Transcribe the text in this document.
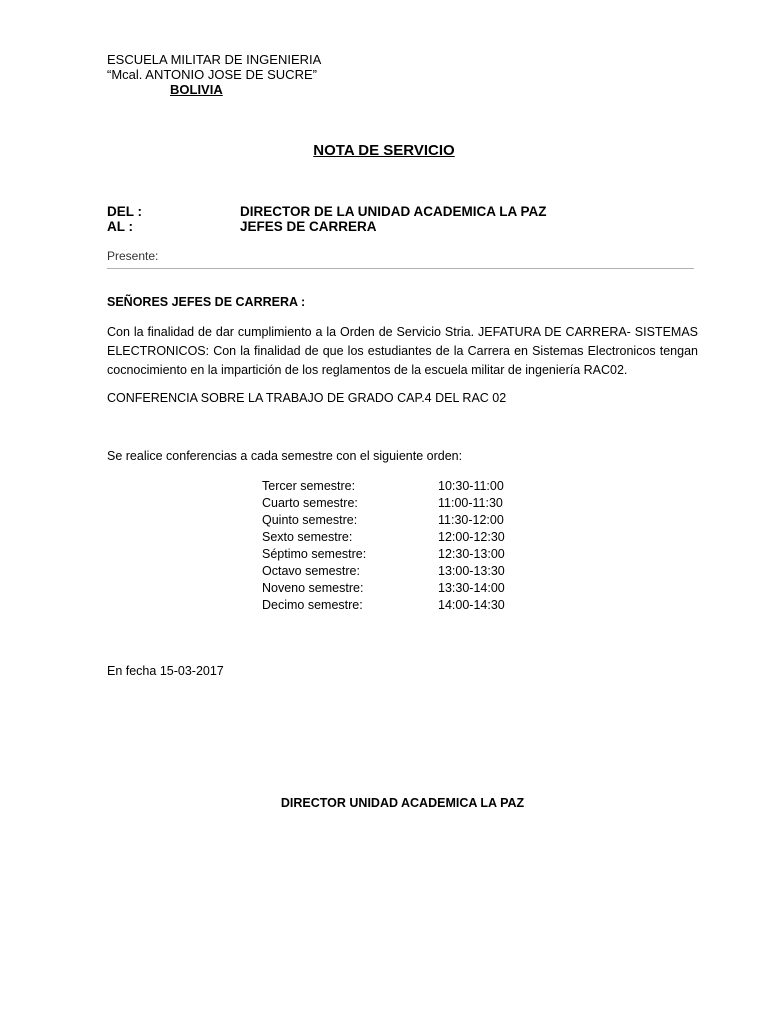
ESCUELA MILITAR DE INGENIERIA
“Mcal. ANTONIO JOSE DE SUCRE”
BOLIVIA
NOTA DE SERVICIO
DEL :	DIRECTOR DE LA UNIDAD ACADEMICA LA PAZ
AL :	JEFES DE CARRERA
Presente:
SEÑORES JEFES DE CARRERA :
Con la finalidad de dar cumplimiento a la Orden de Servicio Stria. JEFATURA DE CARRERA- SISTEMAS ELECTRONICOS: Con la finalidad de que los estudiantes de la Carrera en Sistemas Electronicos tengan cocnocimiento en la impartición de los reglamentos de la escuela militar de ingeniería RAC02.
CONFERENCIA SOBRE LA TRABAJO DE GRADO CAP.4 DEL RAC 02
Se realice conferencias a cada semestre con el siguiente orden:
Tercer semestre:	10:30-11:00
Cuarto semestre:	11:00-11:30
Quinto semestre:	11:30-12:00
Sexto semestre:	12:00-12:30
Séptimo semestre:	12:30-13:00
Octavo semestre:	13:00-13:30
Noveno semestre:	13:30-14:00
Decimo semestre:	14:00-14:30
En fecha 15-03-2017
DIRECTOR UNIDAD ACADEMICA LA PAZ
